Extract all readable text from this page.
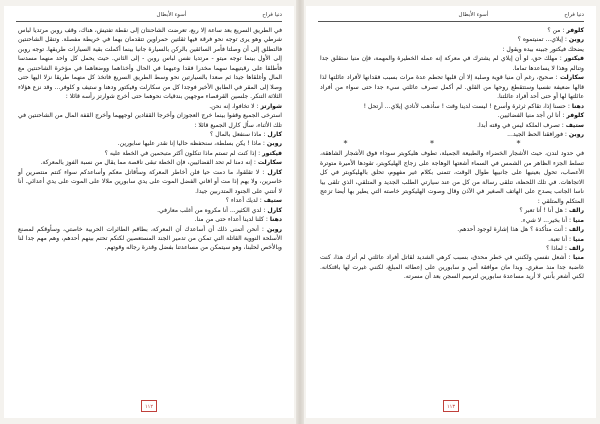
أسوء الأبطال	دنيا فراح

في الطريق السريع بعد ساعة إلا ربع، تعرضت الشاحنتان إلى نقطة تفتيش، هناك، وقف روبن مرتديا لباس شرطي وهو يرى توجه نحو فرقة فيها ثقلتين حمراوين تتقدمان بهما في خريطة مفصلة. وتنقل الشاحنتين فالتطلق إلى أن وصلتا فأمر السائقين بالركن بالسيارة جانبا بينما أكملت بقية السيارات طريقها. توجه روبن إلى الأول بينما توجه ميتو - مرتديا نفس لباس روبن - إلى الثاني. حيث يحمل كل واحد منهما مسدسا فأطلقا على رقبتيهما سهما مخدرا فقدا وعيهما في الحال وأخذاهما ووضعاهما في مؤخرة الشاحنتين مع المال وأغلقاها جيدا ثم صعدا بالسيارتين نحو وسط الطريق السريع فاتخذ كل منهما طريقا نزلا اليها حتى وصلا إلى المقر في الطابق الأخير فوجدا كل من سكارلت وفيكتور ودهنا و ستيف و كلوفر... وقد نزع هؤلاء الثلاثة التنكر. جلسين القرفصاء موجهين بندقيات نحوهما حتى أخرج شوارتز رأسه قائلا :

شوارتز : لا تخافوا، إنه نحن.

استرخى الجميع وقفوا بينما خرج العجوزان وأخرجا القفادين لوجههما وأخرج القفة المال من الشاحنتين في تلك الأثناء، سأل كارل الجميع قائلا :

كارل : ماذا سنفعل بالمال ؟

روبن : ماذا ! يكن بسلطة، سنحفظه حاليا إنا نقدر عليها سابورين.

فيكتور : إذا كنت لم تستم ماذا تنكلون أكثر متبحمين في الخطة عليه ؟

سكارلت : إنه دمنا لم تحد الفضائيين، فإن الخطة تبقى ناقصة مما يقال من نسبة الفوز بالمعركة.

كارل : لا تقلقوا، ما دمت حيا فلن أخاطر المعركة وسأقاتل معكم وأساعدكم سواء كنتم منتصرين أو خاسرين، ولا يهم إذا مت أو افاني الفضل الموت على يدي سابورين ملالا على الموت على يدي أعدائي. أنا لا أنتني على الجنود المتدربين جيدا.

ستيف : لديك أعداء ؟

كارل : لدي الكثير... أنا مكروه من أغلب معارفي.

دهنا : كلنا لدينا أعداء حتى من منا.

روبن : أنحن أتمنى ذلك أن أساعدك أن المعركة، بطاقم الطائرات الحربية خاصتي، وسأوقكم لمصنع الأسلحة النووية القاتلة التي تمكن من تدمير الجند المستعصين لكنكم تحتم بينهم أحدهم، وهم مهم جدا لنا وبالأخص لحلبنا، وهو سيتمكن من مساعدتنا بفضل وقدرة رجاله وقوتهم.

١١٢
أسوء الأبطال	دنيا فراح

كلوفر : من ؟

روبن : إيلاي... تمنيتموه ؟

يضحك فيكتور جبينه بيده ويقول :

فيكتور : مهلك حق، لو أن إيلاي لم يشترك في معركة إنه عمله الخطيرة والمهمة، فإن منيا ستقلق جدا وتنالم وهذا لا يساعدها تماما.

سكارلت : صحيح، رغم أن منيا قوية وصلبة إلا أن قلبها تحطم عدة مرات بسبب فقدانها لأفراد عائلتها لذا قالها ضعيفة نفسيا وستتقطع روحها من القلق. لم أكمل تصرف عائلتي سيء جدا حتى سواء من أفراد عائلتها لها أو حتى أحد أفراد عائلتنا.

دهنا : حسنا إذا، تقاكم ثرثرة وأسرع ! ليست لدينا وقت ! سأذهب لأنادي إيلاي... أرتحل !

كلوفر : أنا لن أجد منيا الفضائيين.

ستيف : تصرف الملكة ليس في وقته أبدا.

روبن : فورافقنا الحظ الجيد...

* * *

في حدود لندن، حيث الأشجار الخضراء والطبيعة الجميلة، تطوف هليكوبتر سوداء فوق الأشجار الشاهقة، تسلط الجزء الظاهر من الشمس في السماء أشعتها الوهاجة على زجاج الهليكوبتر، تقودها الأميرة متوترة الأعصاب، تحول بعينيها على جانبيها طوال الوقت، تتمنى بكلام غير مفهوم، تحلق بالهليكوبتر في كل الاتجاهات. في تلك اللحظة، تتلقى رسالة من كل من عند سيارتي الطلب الجديد و المتلقي، الذي تلقى بيا ناسا الجانب يصدح على الهاتف الصغير في الآذن وقال وصوت الهليكوبتر خاصته التي يطير بها أيضا تزعج المتكلم والمتلقي :

رالف : هل أنا ! أنا تعبر ؟

منيا : أنا بخير... لا شيء.

رالف : أنت متأكدة ؟ هل هذا إشارة لوجود أحدهم.

منيا : أنا تعبة.

رالف : لماذا ؟

منيا : أشعل نفسي ولكنني في خطر محدق، بسبب كرهي الشديد لقاتل أفراد عائلتي لم أترك هذا، كنت غاضبة جدا منذ صغري. وبدا مان موافقة أمي و سابورين على إعطائه المبلغ، لكنني غيرت لها باقتكانه. لكني أشعر بأنني لا أريد مساعدة سابورين لترميم السجن بعد أن مسرته.

١١٣
